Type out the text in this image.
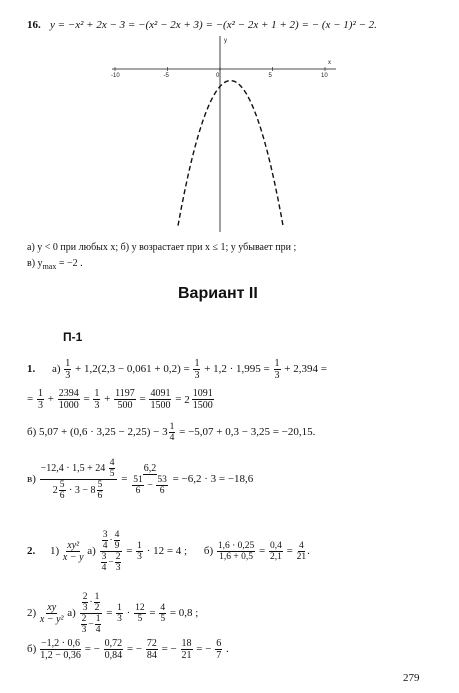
16. y = −x² + 2x − 3 = −(x² − 2x + 3) = −(x² − 2x + 1 + 2) = − (x − 1)² − 2.
x
y
-10	-5	0	5	10
а) y < 0 при любых x; б) y возрастает при x ≤ 1; y убывает при ;
в) $y_{max} = -2$ .
Вариант II
П-1
1. $а) \frac{1}{3} + 1,2(2,3 - 0,061 + 0,2) = \frac{1}{3} + 1,2 \cdot 1,995 = \frac{1}{3} + 2,394$ =
= $\frac{1}{3} + \frac{2394}{1000} = \frac{1}{3} + \frac{1197}{500} = \frac{4091}{1500} = 2 \frac{1091}{1500}$
б) $5,07 + (0,6 \cdot 3,25 - 2,25) - 3 \frac{1}{4} = -5,07 + 0,3 - 3,25 = -20,15$.
$в) \frac{-12,4 \cdot 1,5 + 24 \frac{4}{5}}{2 \frac{5}{6} \cdot 3 - 8 \frac{5}{6}} = \frac{6,2}{\frac{51}{6} - \frac{53}{6}} = -6,2 \cdot 3 = -18,6$
2. $1) \frac{\text{xy²}}{x - y} а) \frac{\frac{3}{4} \cdot \frac{4}{9}}{\frac{3}{4} - \frac{2}{3}} = \frac{1}{3} \cdot 12 = 4$ ; $б) \frac{1,6 \cdot 0,25}{1,6 + 0,5} = \frac{0,4}{2,1} = \frac{4}{21}$ .
$2) \frac{xy}{\text{x − y²}} а) \frac{\frac{2}{3} \cdot \frac{1}{2}}{\frac{2}{3} - \frac{1}{4}} = \frac{1}{3} \cdot \frac{12}{5} = \frac{4}{5} = 0,8$ ;
$б) \frac{-1,2 \cdot 0,6}{1,2 - 0,36}$ = − $\frac{0,72}{0,84}$ = − $\frac{72}{84}$ = − $\frac{18}{21}$ = − $\frac{6}{7}$ .
279
